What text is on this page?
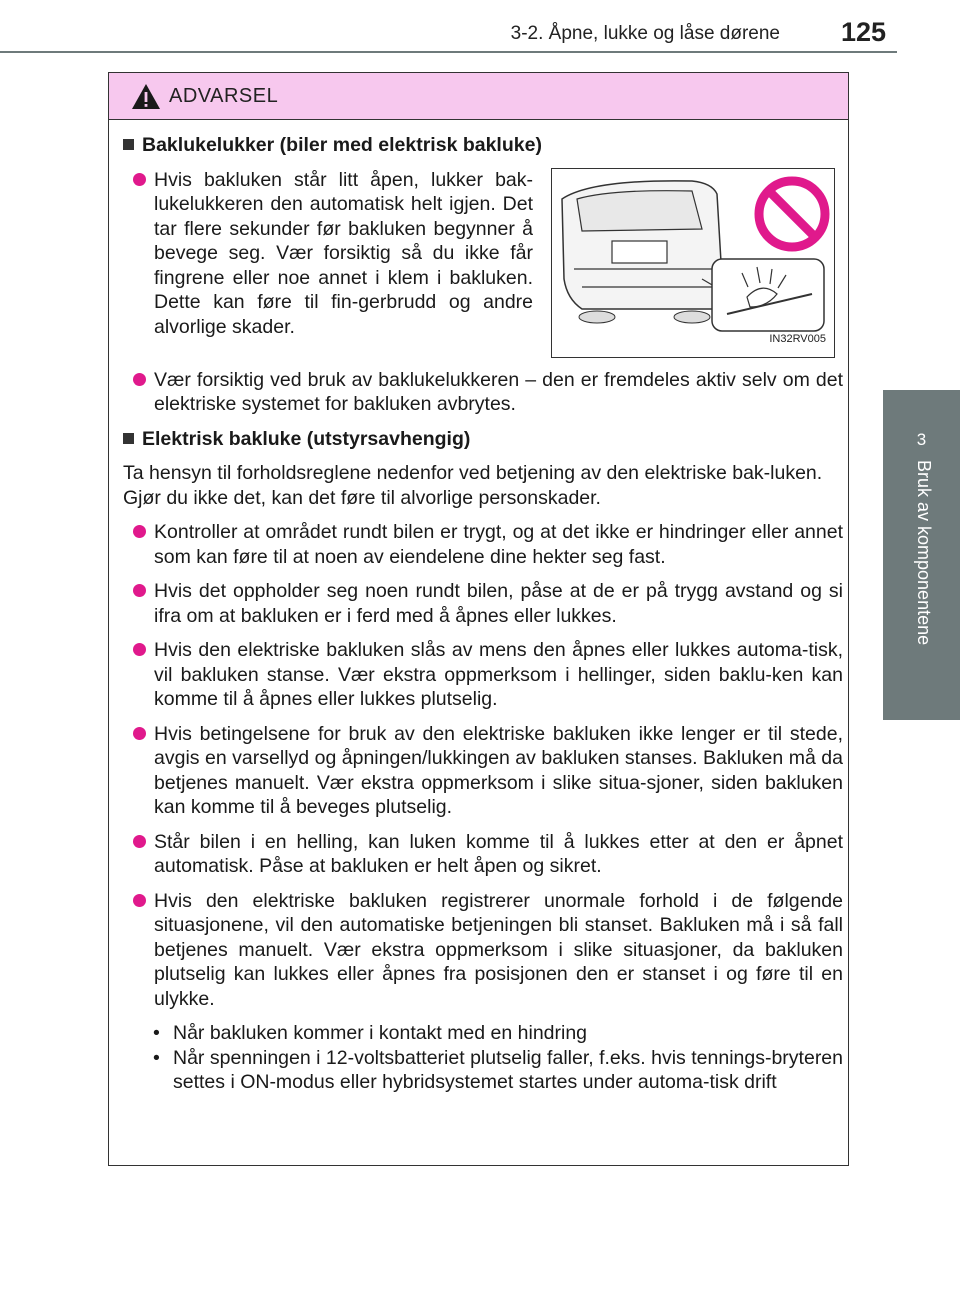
3-2. Åpne, lukke og låse dørene 125
3
Bruk av komponentene
ADVARSEL
Baklukelukker (biler med elektrisk bakluke)
Hvis bakluken står litt åpen, lukker bak-lukelukkeren den automatisk helt igjen. Det tar flere sekunder før bakluken begynner å bevege seg. Vær forsiktig så du ikke får fingrene eller noe annet i klem i bakluken. Dette kan føre til fin-gerbrudd og andre alvorlige skader.
IN32RV005
Vær forsiktig ved bruk av baklukelukkeren – den er fremdeles aktiv selv om det elektriske systemet for bakluken avbrytes.
Elektrisk bakluke (utstyrsavhengig)
Ta hensyn til forholdsreglene nedenfor ved betjening av den elektriske bak-luken.
Gjør du ikke det, kan det føre til alvorlige personskader.
Kontroller at området rundt bilen er trygt, og at det ikke er hindringer eller annet som kan føre til at noen av eiendelene dine hekter seg fast.
Hvis det oppholder seg noen rundt bilen, påse at de er på trygg avstand og si ifra om at bakluken er i ferd med å åpnes eller lukkes.
Hvis den elektriske bakluken slås av mens den åpnes eller lukkes automa-tisk, vil bakluken stanse. Vær ekstra oppmerksom i hellinger, siden baklu-ken kan komme til å åpnes eller lukkes plutselig.
Hvis betingelsene for bruk av den elektriske bakluken ikke lenger er til stede, avgis en varsellyd og åpningen/lukkingen av bakluken stanses. Bakluken må da betjenes manuelt. Vær ekstra oppmerksom i slike situa-sjoner, siden bakluken kan komme til å beveges plutselig.
Står bilen i en helling, kan luken komme til å lukkes etter at den er åpnet automatisk. Påse at bakluken er helt åpen og sikret.
Hvis den elektriske bakluken registrerer unormale forhold i de følgende situasjonene, vil den automatiske betjeningen bli stanset. Bakluken må i så fall betjenes manuelt. Vær ekstra oppmerksom i slike situasjoner, da bakluken plutselig kan lukkes eller åpnes fra posisjonen den er stanset i og føre til en ulykke.
• Når bakluken kommer i kontakt med en hindring
• Når spenningen i 12-voltsbatteriet plutselig faller, f.eks. hvis tennings-bryteren settes i ON-modus eller hybridsystemet startes under automa-tisk drift
